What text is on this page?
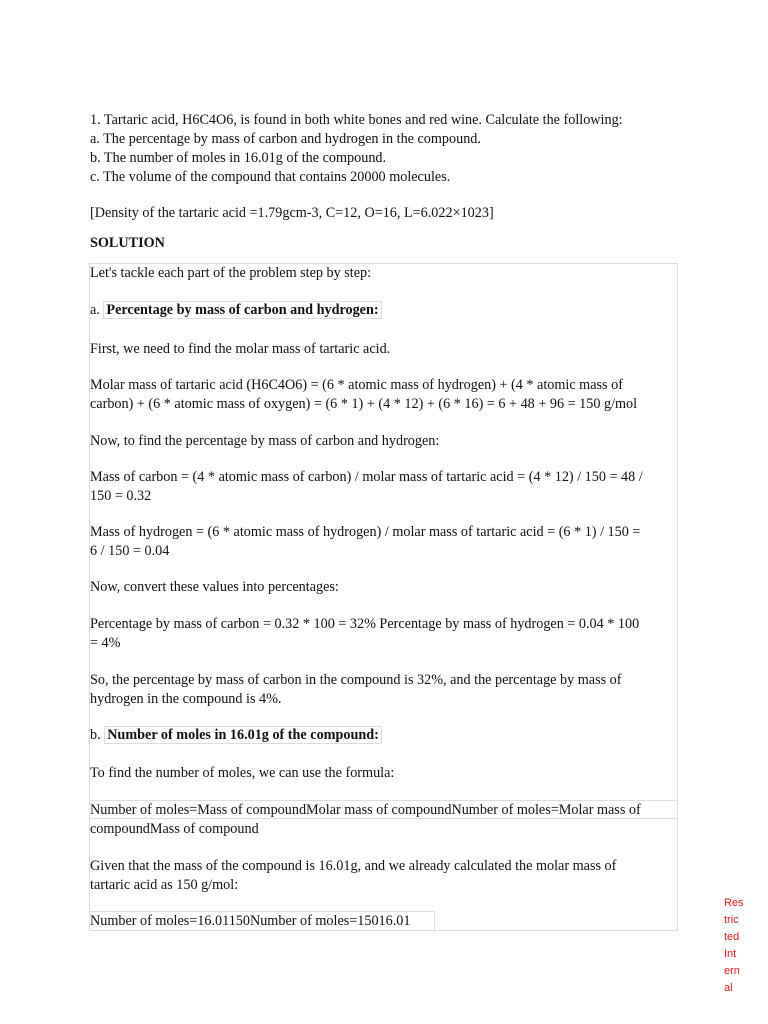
1. Tartaric acid, H6C4O6, is found in both white bones and red wine. Calculate the following:
a. The percentage by mass of carbon and hydrogen in the compound.
b. The number of moles in 16.01g of the compound.
c. The volume of the compound that contains 20000 molecules.
[Density of the tartaric acid =1.79gcm-3, C=12, O=16, L=6.022×1023]
SOLUTION
Let's tackle each part of the problem step by step:
a. Percentage by mass of carbon and hydrogen:
First, we need to find the molar mass of tartaric acid.
Molar mass of tartaric acid (H6C4O6) = (6 * atomic mass of hydrogen) + (4 * atomic mass of
carbon) + (6 * atomic mass of oxygen) = (6 * 1) + (4 * 12) + (6 * 16) = 6 + 48 + 96 = 150 g/mol
Now, to find the percentage by mass of carbon and hydrogen:
Mass of carbon = (4 * atomic mass of carbon) / molar mass of tartaric acid = (4 * 12) / 150 = 48 /
150 = 0.32
Mass of hydrogen = (6 * atomic mass of hydrogen) / molar mass of tartaric acid = (6 * 1) / 150 =
6 / 150 = 0.04
Now, convert these values into percentages:
Percentage by mass of carbon = 0.32 * 100 = 32% Percentage by mass of hydrogen = 0.04 * 100
= 4%
So, the percentage by mass of carbon in the compound is 32%, and the percentage by mass of
hydrogen in the compound is 4%.
b. Number of moles in 16.01g of the compound:
To find the number of moles, we can use the formula:
Number of moles=Mass of compoundMolar mass of compoundNumber of moles=Molar mass of
compoundMass of compound
Given that the mass of the compound is 16.01g, and we already calculated the molar mass of
tartaric acid as 150 g/mol:
Number of moles=16.01150Number of moles=15016.01
Res
tric
ted
Int
ern
al
